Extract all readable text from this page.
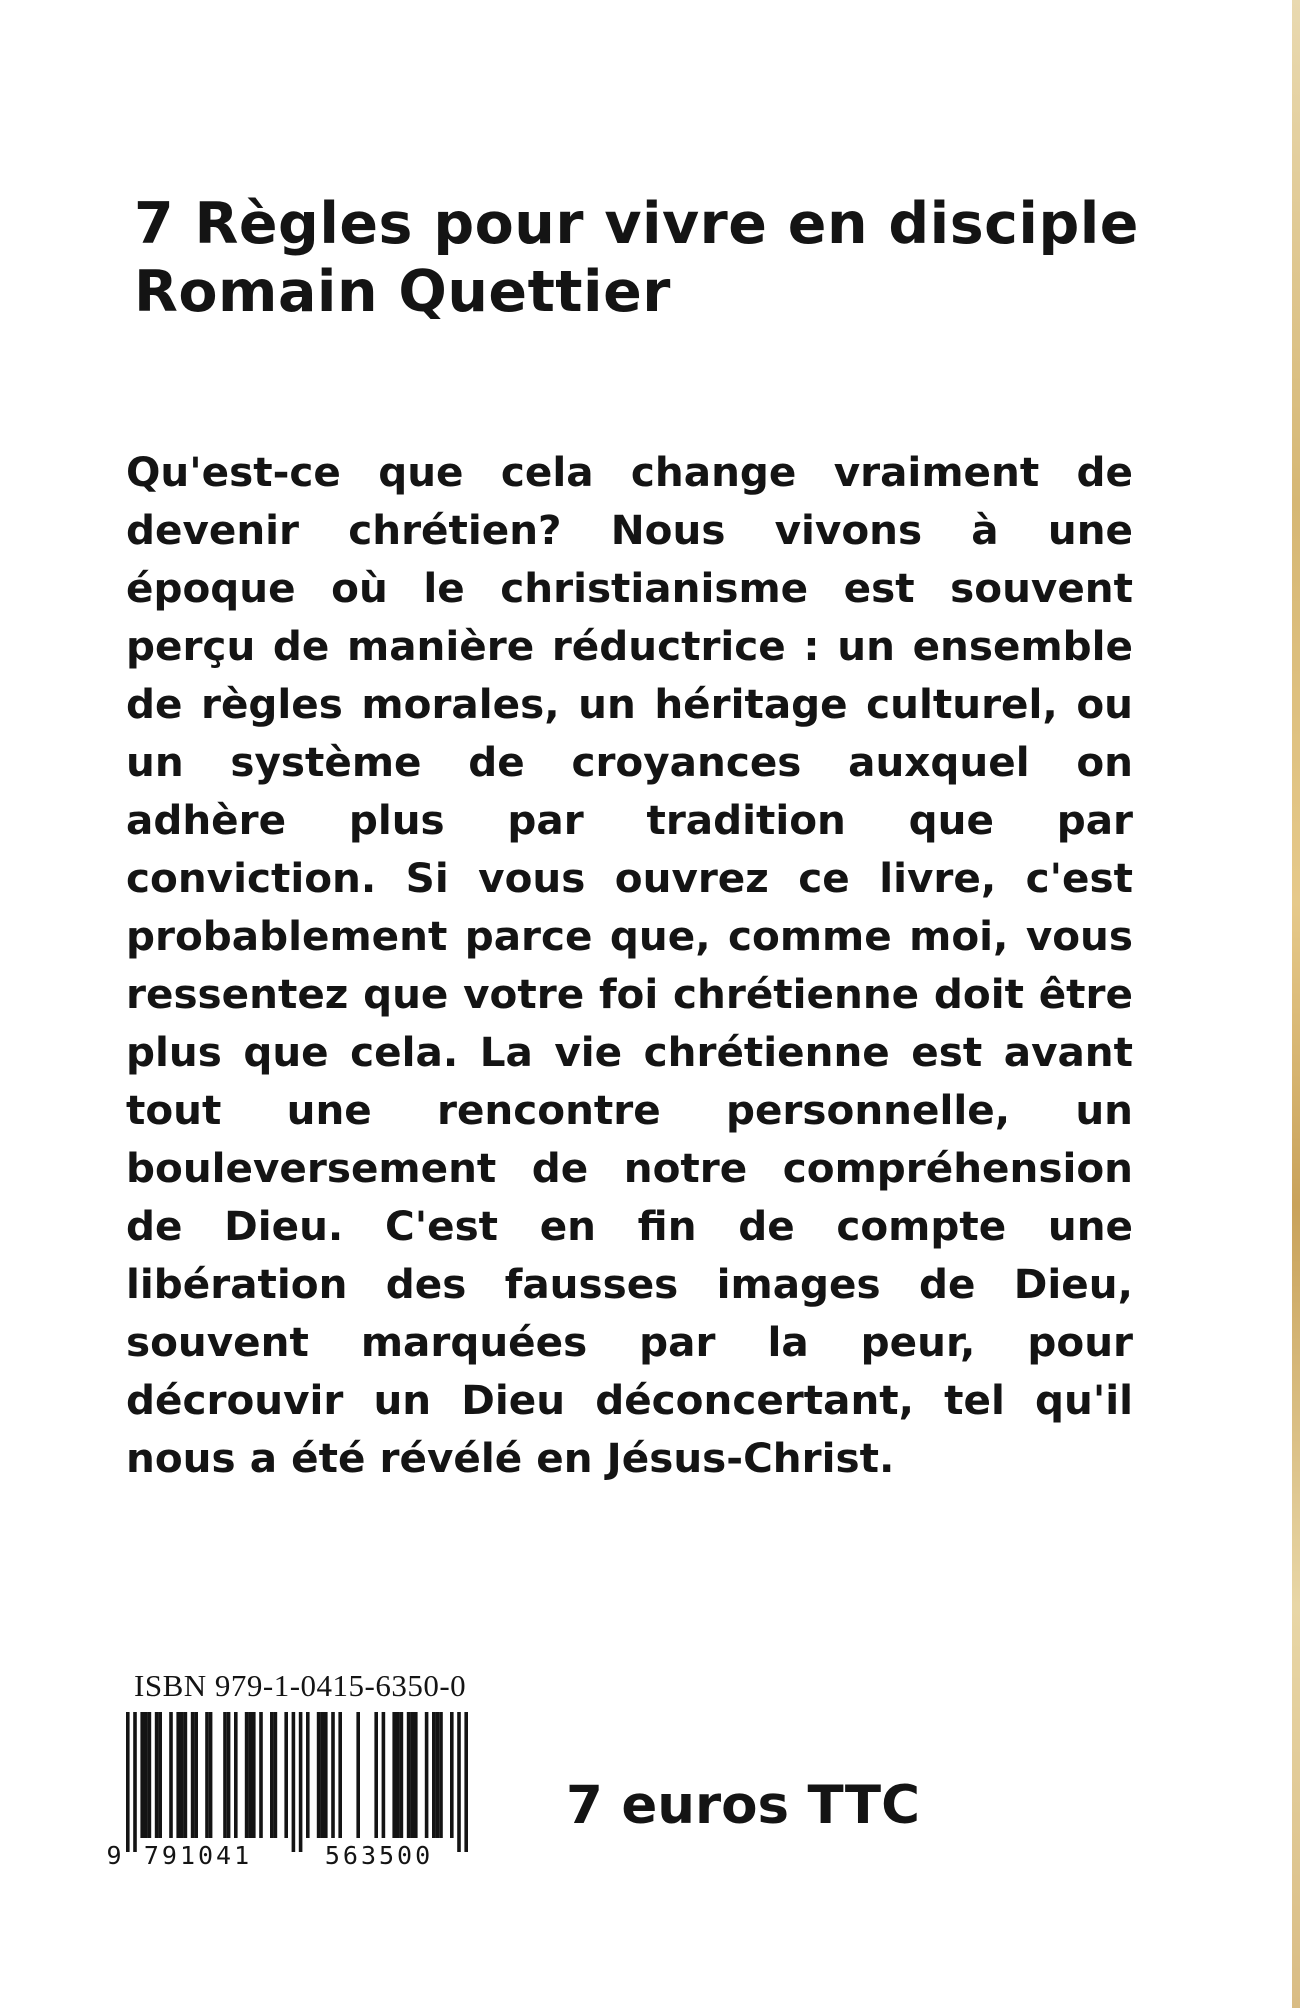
7 Règles pour vivre en disciple
Romain Quettier

Qu'est-ce que cela change vraiment de devenir chrétien? Nous vivons à une époque où le christianisme est souvent perçu de manière réductrice : un ensemble de règles morales, un héritage culturel, ou un système de croyances auxquel on adhère plus par tradition que par conviction. Si vous ouvrez ce livre, c'est probablement parce que, comme moi, vous ressentez que votre foi chrétienne doit être plus que cela. La vie chrétienne est avant tout une rencontre personnelle, un bouleversement de notre compréhension de Dieu. C'est en fin de compte une libération des fausses images de Dieu, souvent marquées par la peur, pour décrouvir un Dieu déconcertant, tel qu'il nous a été révélé en Jésus-Christ.

ISBN 979-1-0415-6350-0
9 791041	563500
7 euros TTC
